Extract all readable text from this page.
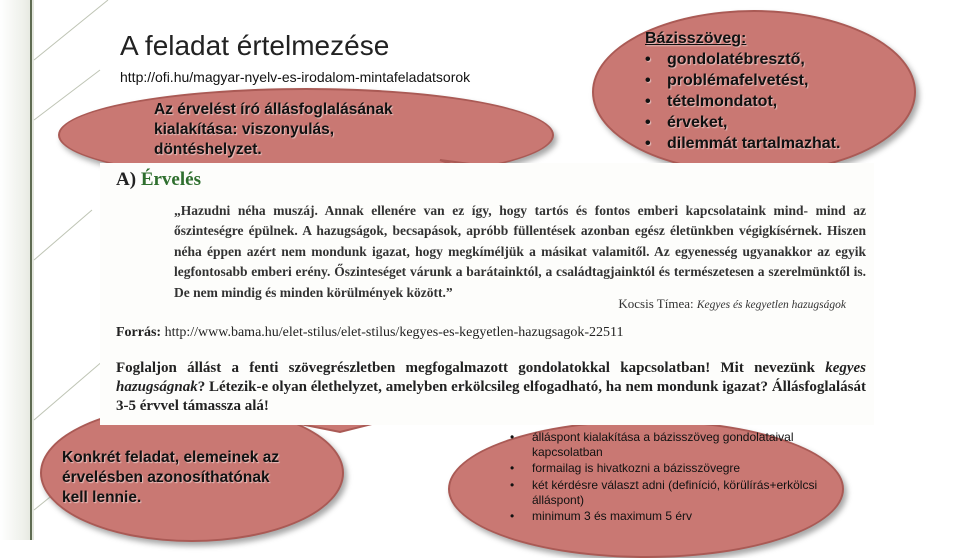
A feladat értelmezése
http://ofi.hu/magyar-nyelv-es-irodalom-mintafeladatsorok
Az érvelést író állásfoglalásának
kialakítása: viszonyulás,
döntéshelyzet.
Bázisszöveg:
• gondolatébresztő,
• problémafelvetést,
• tételmondatot,
• érveket,
• dilemmát tartalmazhat.
Konkrét feladat, elemeinek az
érvelésben azonosíthatónak
kell lennie.
A) Érvelés
„Hazudni néha muszáj. Annak ellenére van ez így, hogy tartós és fontos emberi kapcsolataink mind- mind az őszinteségre épülnek. A hazugságok, becsapások, apróbb füllentések azonban egész életünkben végigkísérnek. Hiszen néha éppen azért nem mondunk igazat, hogy megkíméljük a másikat valamitől. Az egyenesség ugyanakkor az egyik legfontosabb emberi erény. Őszinteséget várunk a barátainktól, a családtagjainktól és természetesen a szerelmünktől is. De nem mindig és minden körülmények között.”
Kocsis Tímea: Kegyes és kegyetlen hazugságok
Forrás: http://www.bama.hu/elet-stilus/elet-stilus/kegyes-es-kegyetlen-hazugsagok-22511
Foglaljon állást a fenti szövegrészletben megfogalmazott gondolatokkal kapcsolatban! Mit nevezünk kegyes hazugságnak? Létezik-e olyan élethelyzet, amelyben erkölcsileg elfogadható, ha nem mondunk igazat? Állásfoglalását 3-5 érvvel támassza alá!
• álláspont kialakítása a bázisszöveg gondolataival kapcsolatban
• formailag is hivatkozni a bázisszövegre
• két kérdésre választ adni (definíció, körülírás+erkölcsi álláspont)
• minimum 3 és maximum 5 érv
